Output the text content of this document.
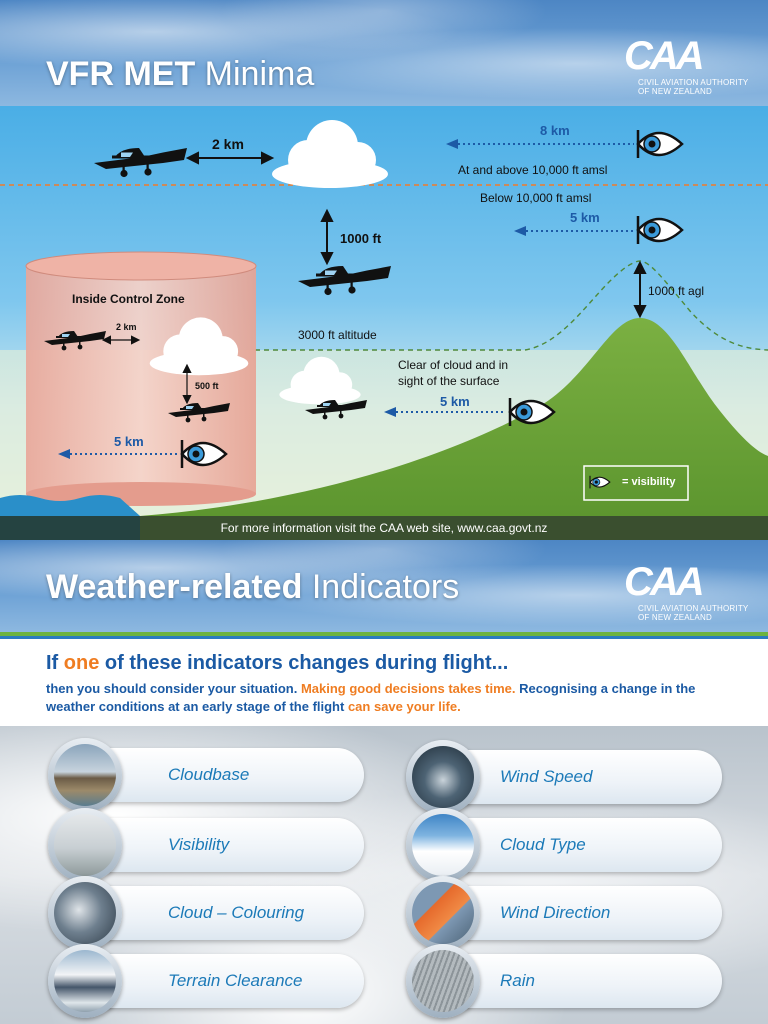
VFR MET Minima	CAA
CIVIL AVIATION AUTHORITY
OF NEW ZEALAND
2 km
8 km
At and above 10,000 ft amsl
Below 10,000 ft amsl
5 km
1000 ft
1000 ft agl
Inside Control Zone
2 km
500 ft
5 km
3000 ft altitude
Clear of cloud and in
sight of the surface
5 km
= visibility
For more information visit the CAA web site, www.caa.govt.nz
Weather-related Indicators	CAA
CIVIL AVIATION AUTHORITY
OF NEW ZEALAND
If one of these indicators changes during flight...
then you should consider your situation. Making good decisions takes time. Recognising a change in the weather conditions at an early stage of the flight can save your life.
Cloudbase
Visibility
Cloud – Colouring
Terrain Clearance
Wind Speed
Cloud Type
Wind Direction
Rain
